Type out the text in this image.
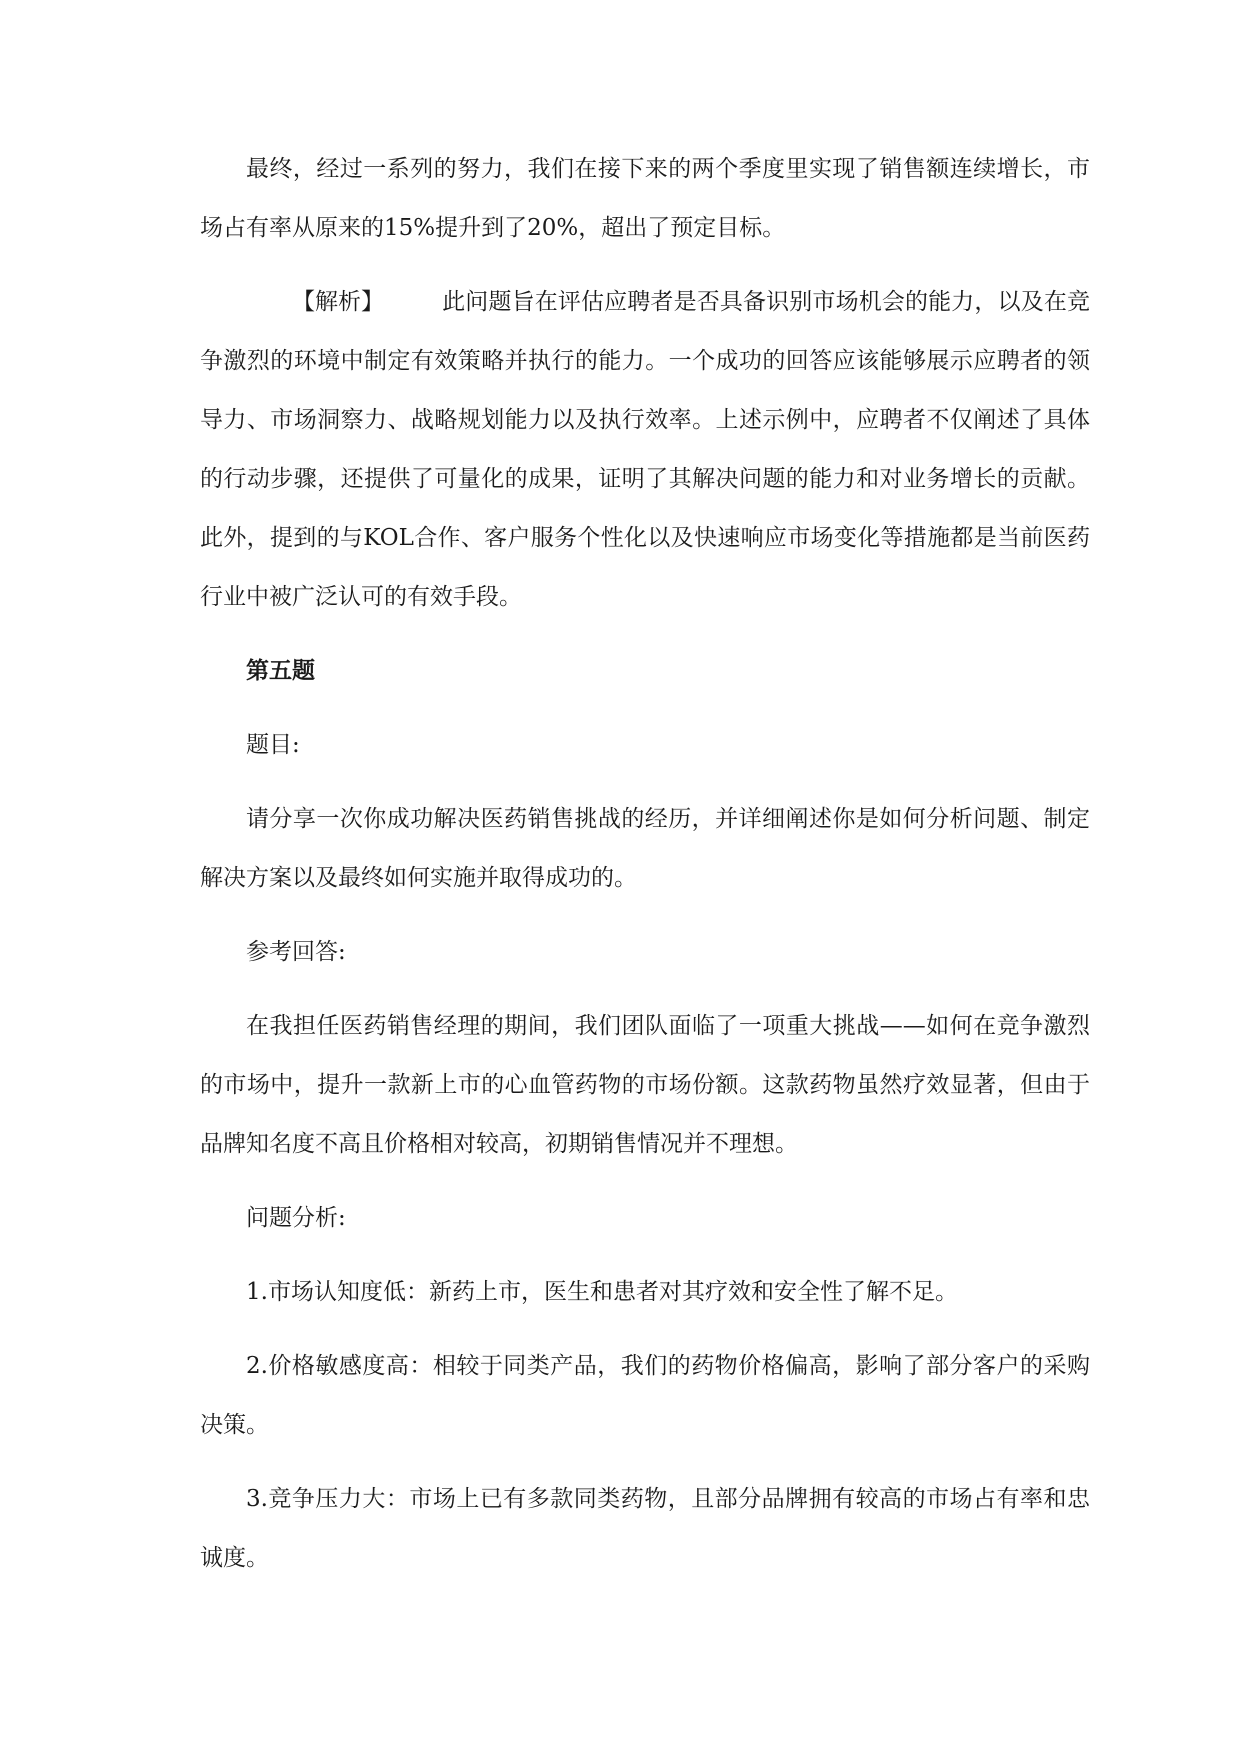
最终，经过一系列的努力，我们在接下来的两个季度里实现了销售额连续增长，市场占有率从原来的15%提升到了20%，超出了预定目标。

【解析】	此问题旨在评估应聘者是否具备识别市场机会的能力，以及在竞争激烈的环境中制定有效策略并执行的能力。一个成功的回答应该能够展示应聘者的领导力、市场洞察力、战略规划能力以及执行效率。上述示例中，应聘者不仅阐述了具体的行动步骤，还提供了可量化的成果，证明了其解决问题的能力和对业务增长的贡献。此外，提到的与KOL合作、客户服务个性化以及快速响应市场变化等措施都是当前医药行业中被广泛认可的有效手段。

第五题

题目:

请分享一次你成功解决医药销售挑战的经历，并详细阐述你是如何分析问题、制定解决方案以及最终如何实施并取得成功的。

参考回答:

在我担任医药销售经理的期间，我们团队面临了一项重大挑战——如何在竞争激烈的市场中，提升一款新上市的心血管药物的市场份额。这款药物虽然疗效显著，但由于品牌知名度不高且价格相对较高，初期销售情况并不理想。

问题分析:

1.市场认知度低：新药上市，医生和患者对其疗效和安全性了解不足。

2.价格敏感度高：相较于同类产品，我们的药物价格偏高，影响了部分客户的采购决策。

3.竞争压力大：市场上已有多款同类药物，且部分品牌拥有较高的市场占有率和忠诚度。
